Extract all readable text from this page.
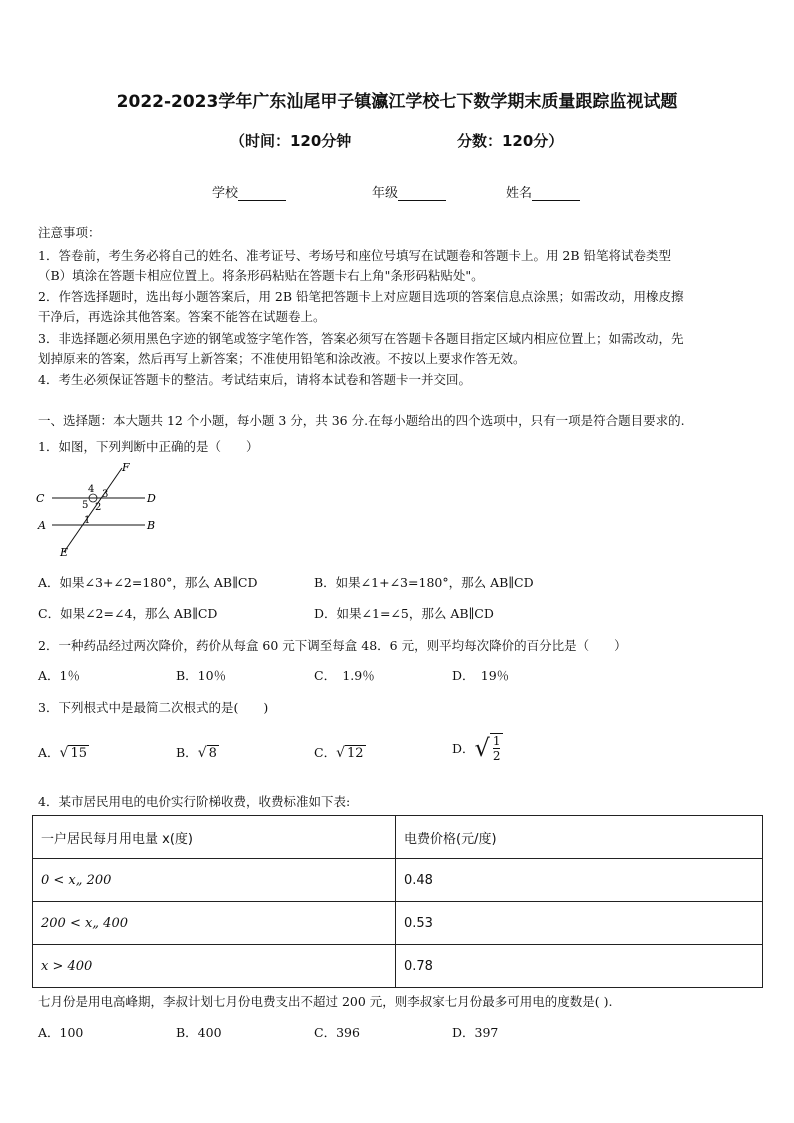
2022-2023学年广东汕尾甲子镇瀛江学校七下数学期末质量跟踪监视试题
（时间：120分钟	分数：120分）
学校	年级	姓名
注意事项：
1．答卷前，考生务必将自己的姓名、准考证号、考场号和座位号填写在试题卷和答题卡上。用 2B 铅笔将试卷类型
（B）填涂在答题卡相应位置上。将条形码粘贴在答题卡右上角"条形码粘贴处"。
2．作答选择题时，选出每小题答案后，用 2B 铅笔把答题卡上对应题目选项的答案信息点涂黑；如需改动，用橡皮擦
干净后，再选涂其他答案。答案不能答在试题卷上。
3．非选择题必须用黑色字迹的钢笔或签字笔作答，答案必须写在答题卡各题目指定区域内相应位置上；如需改动，先
划掉原来的答案，然后再写上新答案；不准使用铅笔和涂改液。不按以上要求作答无效。
4．考生必须保证答题卡的整洁。考试结束后，请将本试卷和答题卡一并交回。
一、选择题：本大题共 12 个小题，每小题 3 分，共 36 分.在每小题给出的四个选项中，只有一项是符合题目要求的.
1．如图，下列判断中正确的是（　　）
F
C	D
A	B
E
4 3
5 2
1
A．如果∠3+∠2=180°，那么 AB∥CD	B．如果∠1+∠3=180°，那么 AB∥CD
C．如果∠2=∠4，那么 AB∥CD	D．如果∠1=∠5，那么 AB∥CD
2．一种药品经过两次降价，药价从每盒 60 元下调至每盒 48．6 元，则平均每次降价的百分比是（　　）
A．1％	B．10％	C．　1.9％	D．　19％
3．下列根式中是最简二次根式的是(　　)
A．√ 15	B．√ 8	C．√ 12	D．√ $\frac{1}{2}$
4．某市居民用电的电价实行阶梯收费，收费标准如下表:
一户居民每月用电量 x(度)	电费价格(元/度)
0 < x„ 200	0.48
200 < x„ 400	0.53
x > 400	0.78
七月份是用电高峰期，李叔计划七月份电费支出不超过 200 元，则李叔家七月份最多可用电的度数是( ).
A．100	B．400	C．396	D．397
